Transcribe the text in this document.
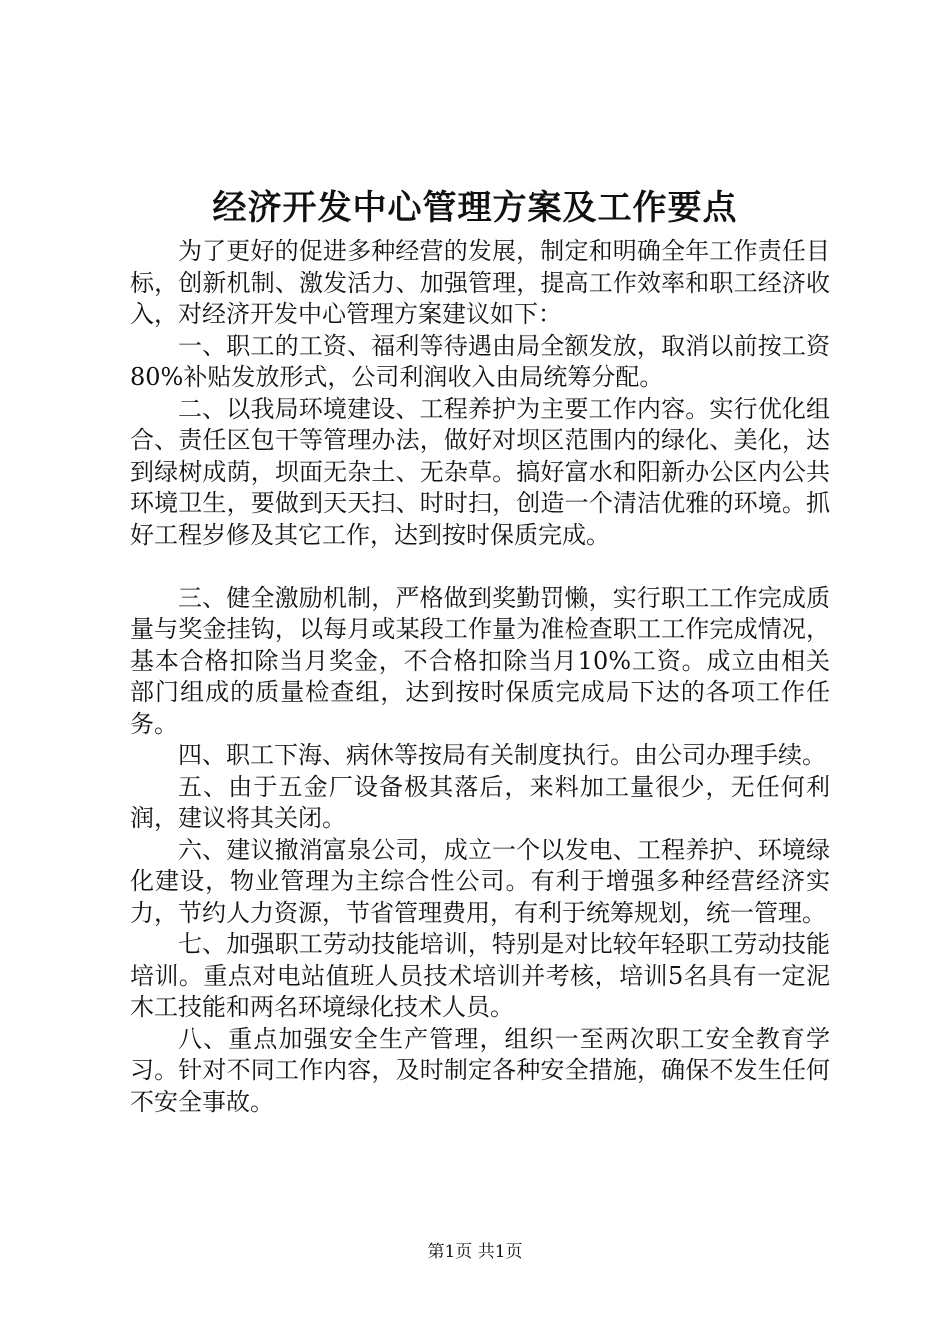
经济开发中心管理方案及工作要点

为了更好的促进多种经营的发展，制定和明确全年工作责任目标，创新机制、激发活力、加强管理，提高工作效率和职工经济收入，对经济开发中心管理方案建议如下：

一、职工的工资、福利等待遇由局全额发放，取消以前按工资80%补贴发放形式，公司利润收入由局统筹分配。

二、以我局环境建设、工程养护为主要工作内容。实行优化组合、责任区包干等管理办法，做好对坝区范围内的绿化、美化，达到绿树成荫，坝面无杂土、无杂草。搞好富水和阳新办公区内公共环境卫生，要做到天天扫、时时扫，创造一个清洁优雅的环境。抓好工程岁修及其它工作，达到按时保质完成。

三、健全激励机制，严格做到奖勤罚懒，实行职工工作完成质量与奖金挂钩，以每月或某段工作量为准检查职工工作完成情况，基本合格扣除当月奖金，不合格扣除当月10%工资。成立由相关部门组成的质量检查组，达到按时保质完成局下达的各项工作任务。

四、职工下海、病休等按局有关制度执行。由公司办理手续。

五、由于五金厂设备极其落后，来料加工量很少，无任何利润，建议将其关闭。

六、建议撤消富泉公司，成立一个以发电、工程养护、环境绿化建设，物业管理为主综合性公司。有利于增强多种经营经济实力，节约人力资源，节省管理费用，有利于统筹规划，统一管理。

七、加强职工劳动技能培训，特别是对比较年轻职工劳动技能培训。重点对电站值班人员技术培训并考核，培训5名具有一定泥木工技能和两名环境绿化技术人员。

八、重点加强安全生产管理，组织一至两次职工安全教育学习。针对不同工作内容，及时制定各种安全措施，确保不发生任何不安全事故。

第1页 共1页
